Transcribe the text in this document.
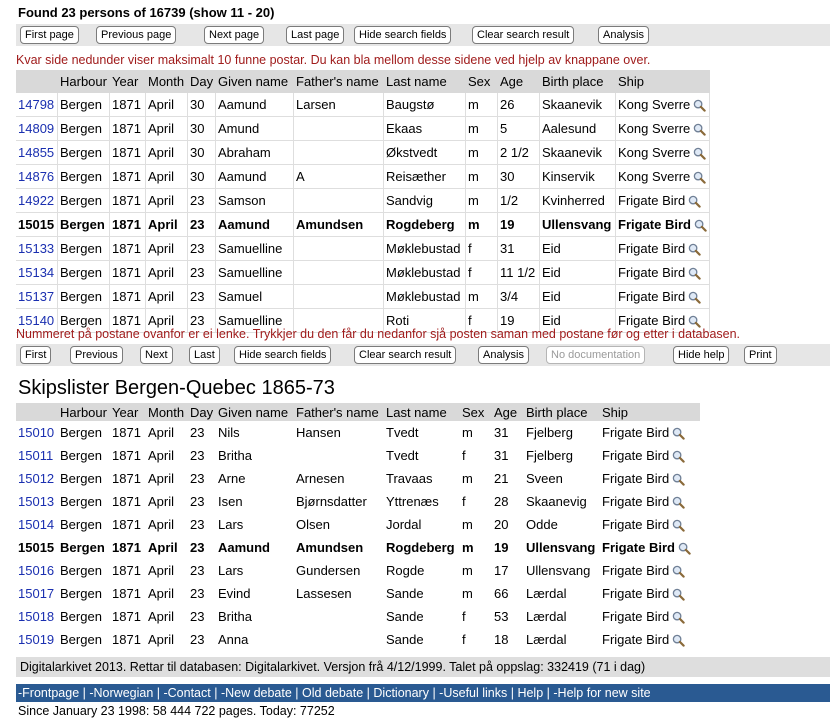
Found 23 persons of 16739 (show 11 - 20)
First page	Previous page	Next page	Last page	Hide search fields	Clear search result	Analysis
Kvar side nedunder viser maksimalt 10 funne postar. Du kan bla mellom desse sidene ved hjelp av knappane over.
	Harbour	Year	Month	Day	Given name	Father's name	Last name	Sex	Age	Birth place	Ship
14798	Bergen	1871	April	30	Aamund	Larsen	Baugstø	m	26	Skaanevik	Kong Sverre
14809	Bergen	1871	April	30	Amund		Ekaas	m	5	Aalesund	Kong Sverre
14855	Bergen	1871	April	30	Abraham		Økstvedt	m	2 1/2	Skaanevik	Kong Sverre
14876	Bergen	1871	April	30	Aamund	A	Reisæther	m	30	Kinservik	Kong Sverre
14922	Bergen	1871	April	23	Samson		Sandvig	m	1/2	Kvinherred	Frigate Bird
15015	Bergen	1871	April	23	Aamund	Amundsen	Rogdeberg	m	19	Ullensvang	Frigate Bird
15133	Bergen	1871	April	23	Samuelline		Møklebustad	f	31	Eid	Frigate Bird
15134	Bergen	1871	April	23	Samuelline		Møklebustad	f	11 1/2	Eid	Frigate Bird
15137	Bergen	1871	April	23	Samuel		Møklebustad	m	3/4	Eid	Frigate Bird
15140	Bergen	1871	April	23	Samuelline		Roti	f	19	Eid	Frigate Bird
Nummeret på postane ovanfor er ei lenke. Trykkjer du den får du nedanfor sjå posten saman med postane før og etter i databasen.
First	Previous	Next	Last	Hide search fields	Clear search result	Analysis	No documentation	Hide help	Print
Skipslister Bergen-Quebec 1865-73
	Harbour	Year	Month	Day	Given name	Father's name	Last name	Sex	Age	Birth place	Ship
15010	Bergen	1871	April	23	Nils	Hansen	Tvedt	m	31	Fjelberg	Frigate Bird
15011	Bergen	1871	April	23	Britha		Tvedt	f	31	Fjelberg	Frigate Bird
15012	Bergen	1871	April	23	Arne	Arnesen	Travaas	m	21	Sveen	Frigate Bird
15013	Bergen	1871	April	23	Isen	Bjørnsdatter	Yttrenæs	f	28	Skaanevig	Frigate Bird
15014	Bergen	1871	April	23	Lars	Olsen	Jordal	m	20	Odde	Frigate Bird
15015	Bergen	1871	April	23	Aamund	Amundsen	Rogdeberg	m	19	Ullensvang	Frigate Bird
15016	Bergen	1871	April	23	Lars	Gundersen	Rogde	m	17	Ullensvang	Frigate Bird
15017	Bergen	1871	April	23	Evind	Lassesen	Sande	m	66	Lærdal	Frigate Bird
15018	Bergen	1871	April	23	Britha		Sande	f	53	Lærdal	Frigate Bird
15019	Bergen	1871	April	23	Anna		Sande	f	18	Lærdal	Frigate Bird
Digitalarkivet 2013. Rettar til databasen: Digitalarkivet. Versjon frå 4/12/1999. Talet på oppslag: 332419 (71 i dag)
-Frontpage | -Norwegian | -Contact | -New debate | Old debate | Dictionary | -Useful links | Help | -Help for new site
Since January 23 1998: 58 444 722 pages. Today: 77252
